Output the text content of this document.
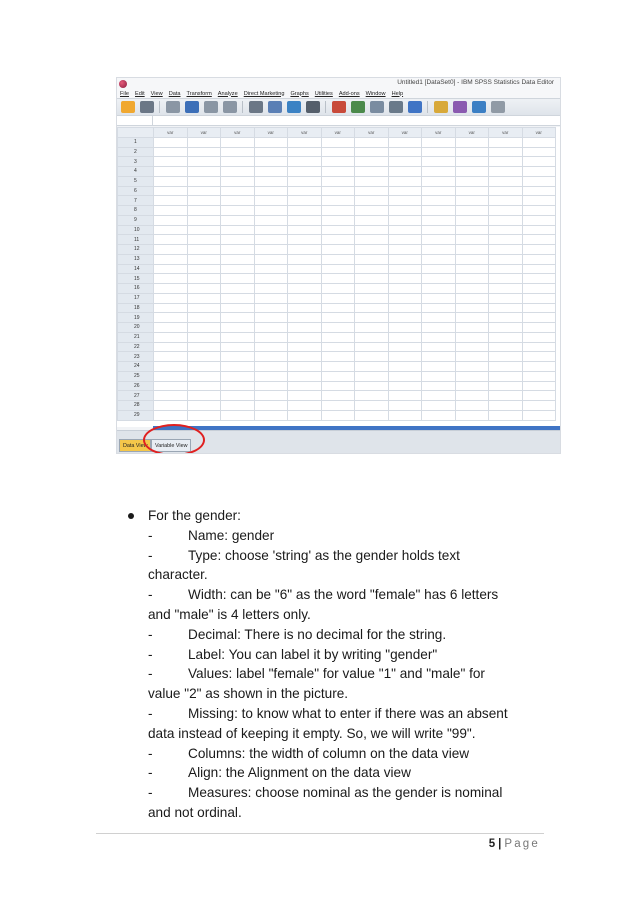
Untitled1 [DataSet0] - IBM SPSS Statistics Data Editor
File Edit View Data Transform Analyze Direct Marketing Graphs Utilities Add-ons Window Help
	var	var	var	var	var	var	var	var	var	var	var	var
1												
2												
3												
4												
5												
6												
7												
8												
9												
10												
11												
12												
13												
14												
15												
16												
17												
18												
19												
20												
21												
22												
23												
24												
25												
26												
27												
28												
29												
Data View	Variable View
For the gender:
-	Name: gender
-	Type: choose 'string' as the gender holds text
character.
-	Width: can be "6" as the word "female" has 6 letters
and "male" is 4 letters only.
-	Decimal: There is no decimal for the string.
-	Label: You can label it by writing "gender"
-	Values: label "female" for value "1" and "male" for
value "2" as shown in the picture.
-	Missing: to know what to enter if there was an absent
data instead of keeping it empty. So, we will write "99".
-	Columns: the width of column on the data view
-	Align: the Alignment on the data view
-	Measures: choose nominal as the gender is nominal
and not ordinal.
5 | Page
